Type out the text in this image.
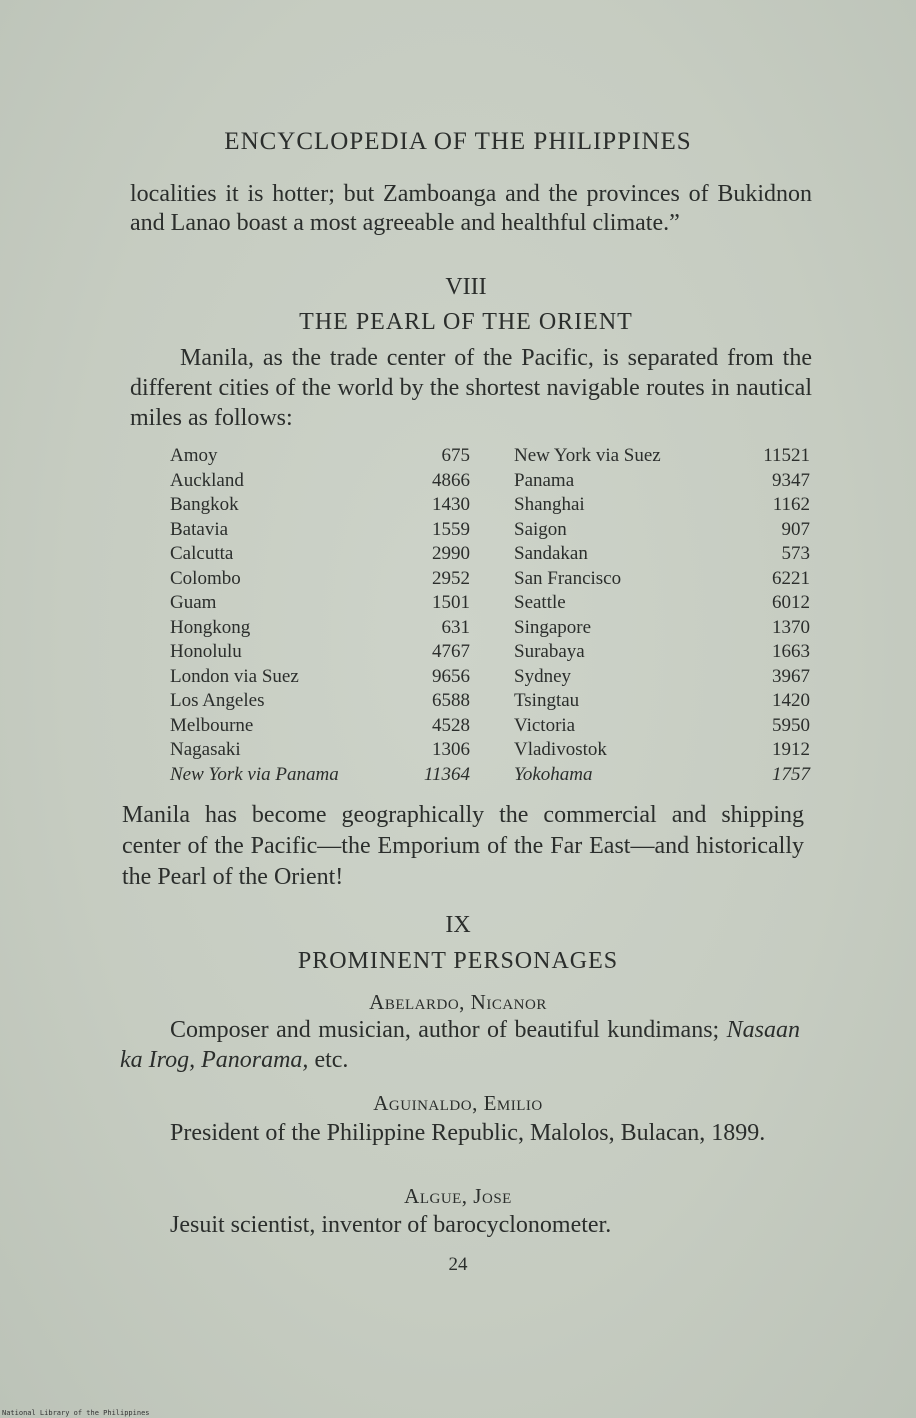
ENCYCLOPEDIA OF THE PHILIPPINES

localities it is hotter; but Zamboanga and the provinces of Bukidnon and Lanao boast a most agreeable and healthful climate.”

VIII
THE PEARL OF THE ORIENT

Manila, as the trade center of the Pacific, is separated from the different cities of the world by the shortest navigable routes in nautical miles as follows:

Amoy	675	New York via Suez	11521
Auckland	4866	Panama	9347
Bangkok	1430	Shanghai	1162
Batavia	1559	Saigon	907
Calcutta	2990	Sandakan	573
Colombo	2952	San Francisco	6221
Guam	1501	Seattle	6012
Hongkong	631	Singapore	1370
Honolulu	4767	Surabaya	1663
London via Suez	9656	Sydney	3967
Los Angeles	6588	Tsingtau	1420
Melbourne	4528	Victoria	5950
Nagasaki	1306	Vladivostok	1912
New York via Panama	11364	Yokohama	1757

Manila has become geographically the commercial and shipping center of the Pacific—the Emporium of the Far East—and historically the Pearl of the Orient!

IX
PROMINENT PERSONAGES
Abelardo, Nicanor

Composer and musician, author of beautiful kundimans; Nasaan ka Irog, Panorama, etc.

Aguinaldo, Emilio

President of the Philippine Republic, Malolos, Bulacan, 1899.

Algue, Jose

Jesuit scientist, inventor of barocyclonometer.

24
National Library of the Philippines
